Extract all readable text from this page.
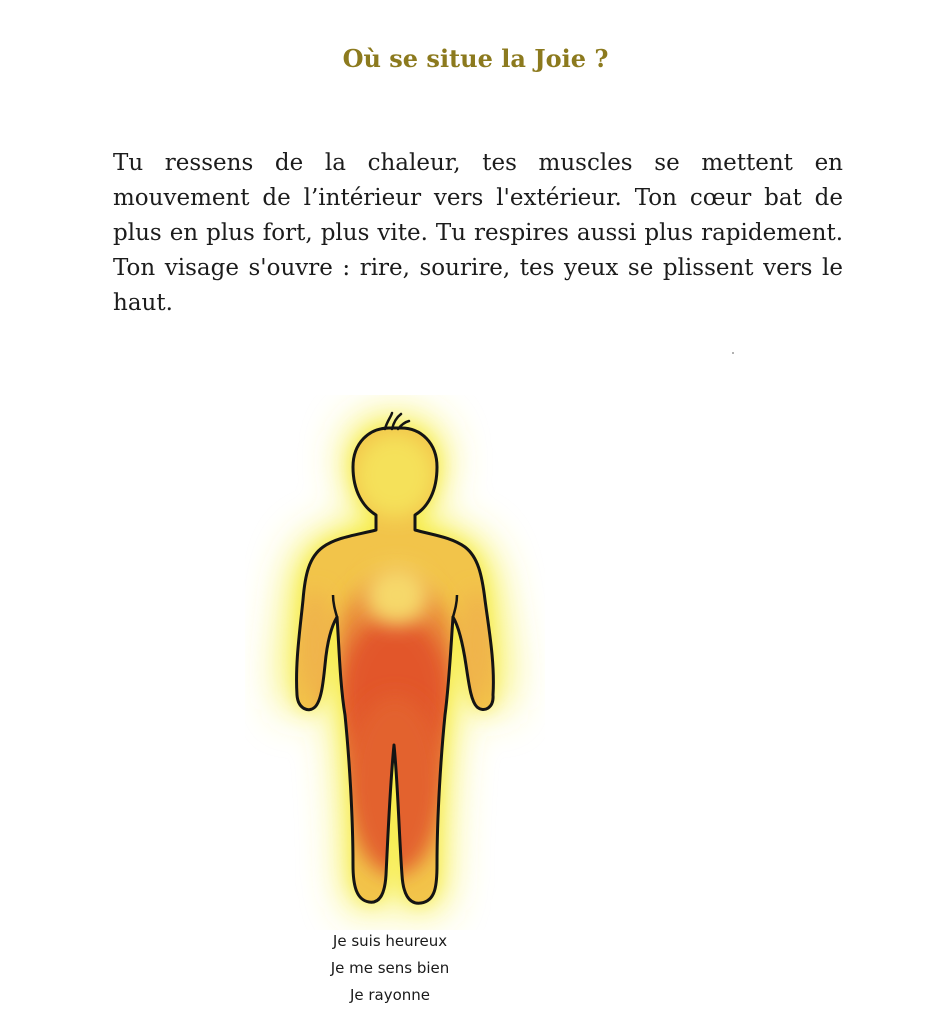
Où se situe la Joie ?

Tu ressens de la chaleur, tes muscles se mettent en mouvement de l’intérieur vers l'extérieur. Ton cœur bat de plus en plus fort, plus vite. Tu respires aussi plus rapidement. Ton visage s'ouvre : rire, sourire, tes yeux se plissent vers le haut.

Je suis heureux
Je me sens bien
Je rayonne
